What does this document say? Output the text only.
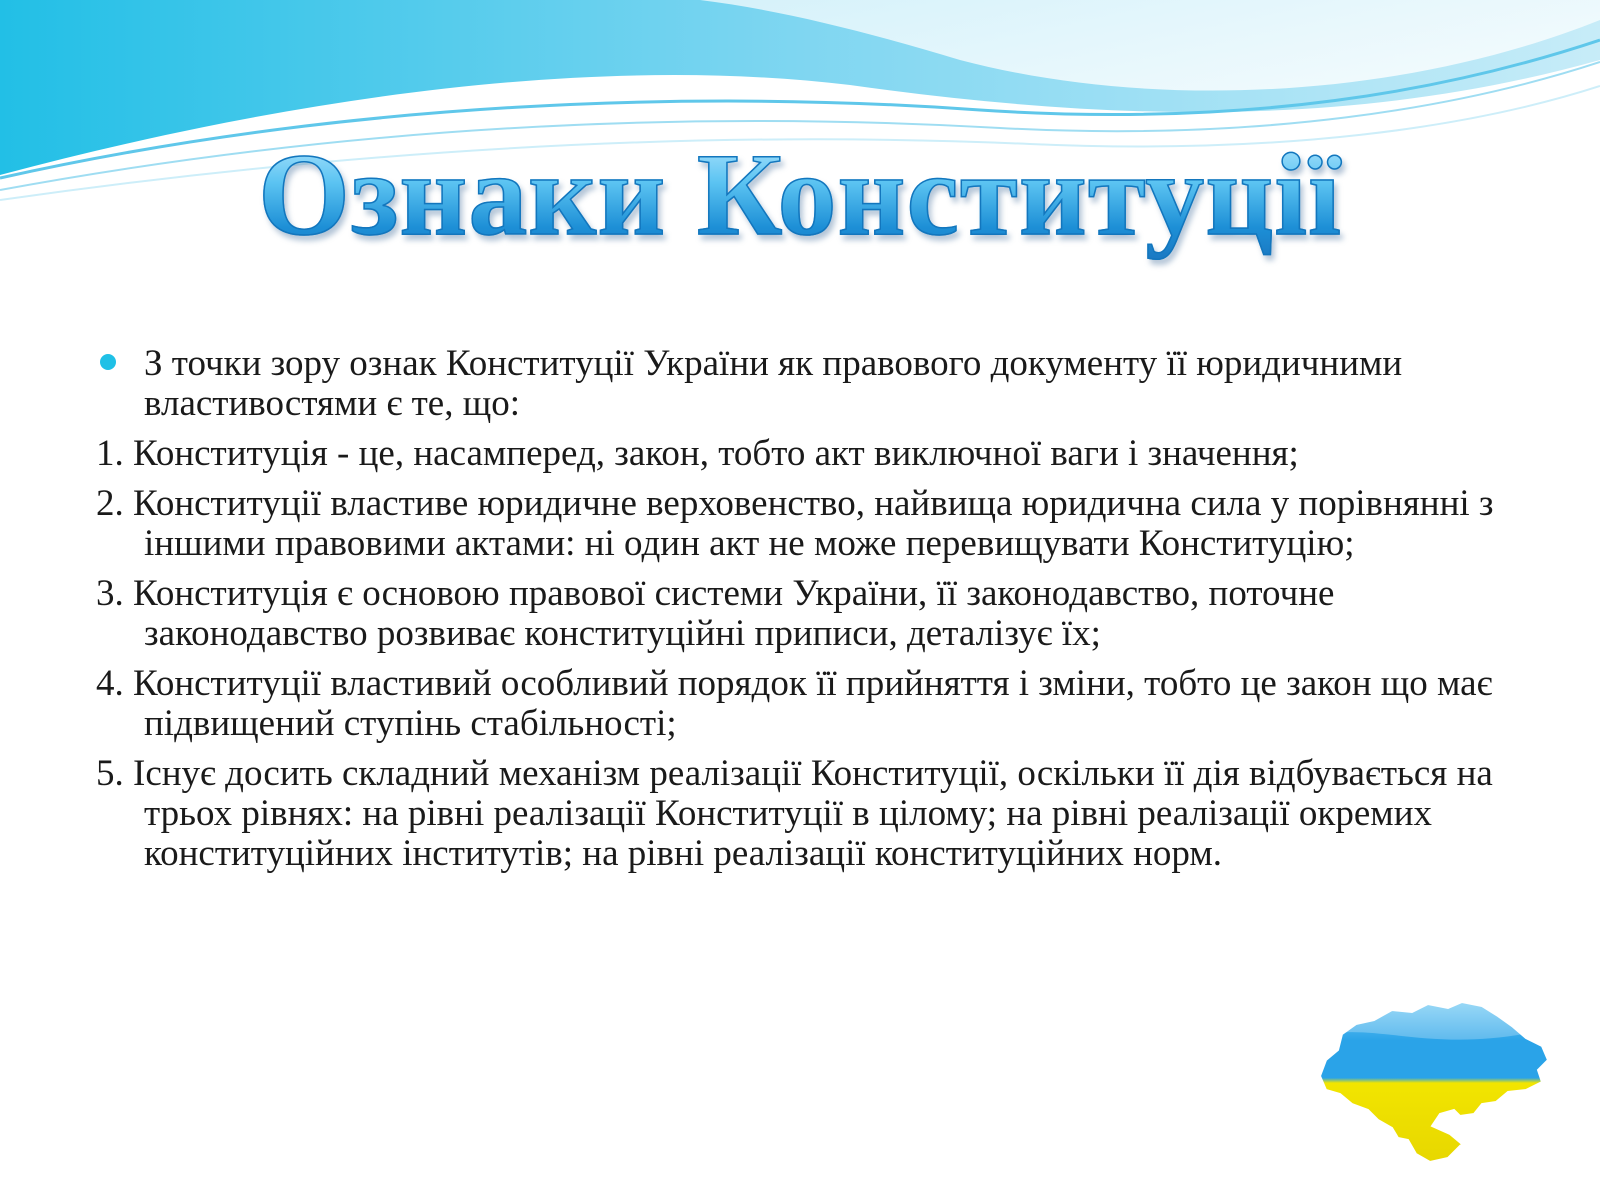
Ознаки Конституції

З точки зору ознак Конституції України як правового документу її юридичними властивостями є те, що:

1. Конституція - це, насамперед, закон, тобто акт виключної ваги і значення;

2. Конституції властиве юридичне верховенство, найвища юридична сила у порівнянні з іншими правовими актами: ні один акт не може перевищувати Конституцію;

3. Конституція є основою правової системи України, її законодавство, поточне законодавство розвиває конституційні приписи, деталізує їх;

4. Конституції властивий особливий порядок її прийняття і зміни, тобто це закон що має підвищений ступінь стабільності;

5. Існує досить складний механізм реалізації Конституції, оскільки її дія відбувається на трьох рівнях: на рівні реалізації Конституції в цілому; на рівні реалізації окремих конституційних інститутів; на рівні реалізації конституційних норм.
